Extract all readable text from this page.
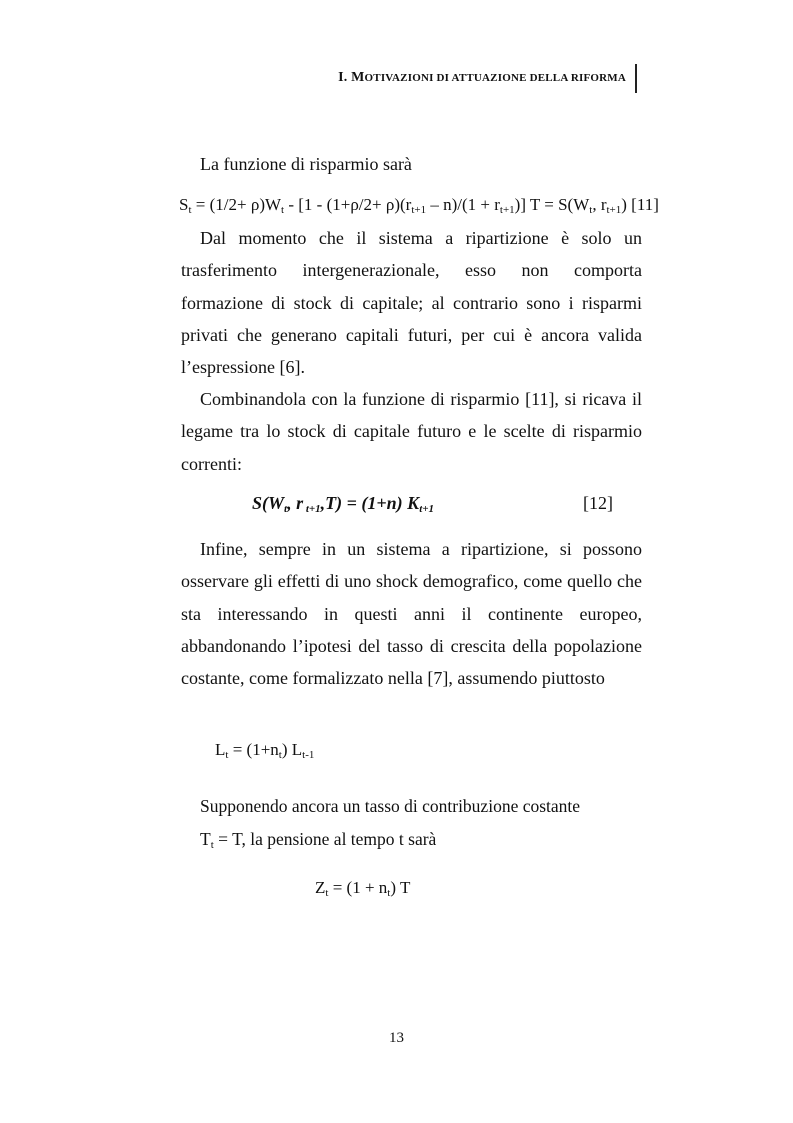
I. MOTIVAZIONI DI ATTUAZIONE DELLA RIFORMA
La funzione di risparmio sarà
$S_t = (1/2+ \rho)W_t - [1 - (1+\rho/2+ \rho)(r_{t+1} - n)/(1 + r_{t+1})] T = S(W_t$, $r_{t+1}$) [11]

Dal momento che il sistema a ripartizione è solo un trasferimento intergenerazionale, esso non comporta formazione di stock di capitale; al contrario sono i risparmi privati che generano capitali futuri, per cui è ancora valida l’espressione [6].

Combinandola con la funzione di risparmio [11], si ricava il legame tra lo stock di capitale futuro e le scelte di risparmio correnti:

$S(W_t$, r $_{t+1}$,T) = (1+n) $K_{t+1}$	[12]

Infine, sempre in un sistema a ripartizione, si possono osservare gli effetti di uno shock demografico, come quello che sta interessando in questi anni il continente europeo, abbandonando l’ipotesi del tasso di crescita della popolazione costante, come formalizzato nella [7], assumendo piuttosto

$L_t = (1+n_t)$ $L_{t-1}$
Supponendo ancora un tasso di contribuzione costante
$T_t = T$, la pensione al tempo t sarà
$Z_t = (1 + n_t)$ T
13
